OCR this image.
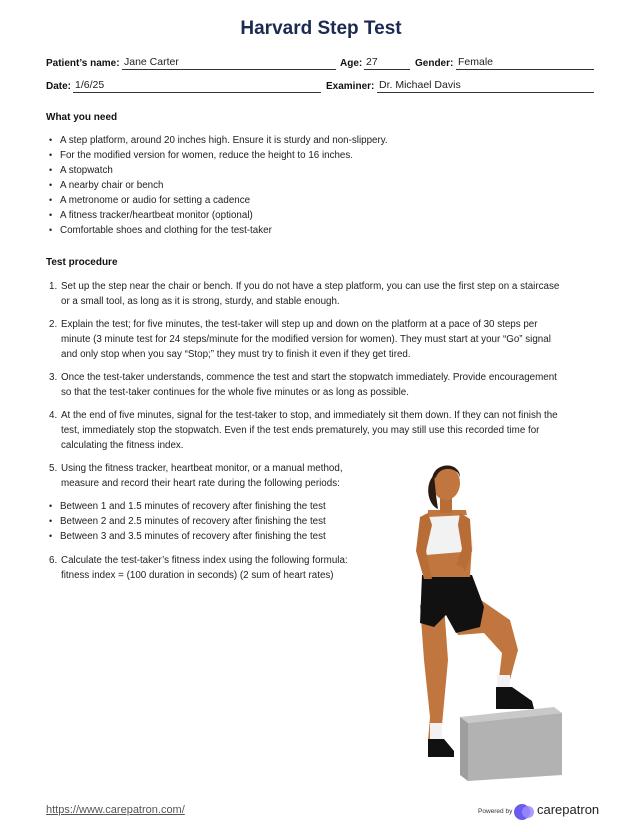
Harvard Step Test
Patient’s name: Jane Carter	Age: 27	Gender: Female
Date: 1/6/25	Examiner: Dr. Michael Davis
What you need
• A step platform, around 20 inches high. Ensure it is sturdy and non-slippery.
• For the modified version for women, reduce the height to 16 inches.
• A stopwatch
• A nearby chair or bench
• A metronome or audio for setting a cadence
• A fitness tracker/heartbeat monitor (optional)
• Comfortable shoes and clothing for the test-taker
Test procedure
1. Set up the step near the chair or bench. If you do not have a step platform, you can use the first step on a staircase
or a small tool, as long as it is strong, sturdy, and stable enough.
2. Explain the test; for five minutes, the test-taker will step up and down on the platform at a pace of 30 steps per
minute (3 minute test for 24 steps/minute for the modified version for women). They must start at your “Go” signal
and only stop when you say “Stop;” they must try to finish it even if they get tired.
3. Once the test-taker understands, commence the test and start the stopwatch immediately. Provide encouragement
so that the test-taker continues for the whole five minutes or as long as possible.
4. At the end of five minutes, signal for the test-taker to stop, and immediately sit them down. If they can not finish the
test, immediately stop the stopwatch. Even if the test ends prematurely, you may still use this recorded time for
calculating the fitness index.
5. Using the fitness tracker, heartbeat monitor, or a manual method,
measure and record their heart rate during the following periods:
• Between 1 and 1.5 minutes of recovery after finishing the test
• Between 2 and 2.5 minutes of recovery after finishing the test
• Between 3 and 3.5 minutes of recovery after finishing the test
6. Calculate the test-taker’s fitness index using the following formula:
fitness index = (100 duration in seconds) (2 sum of heart rates)
https://www.carepatron.com/	Powered by carepatron
